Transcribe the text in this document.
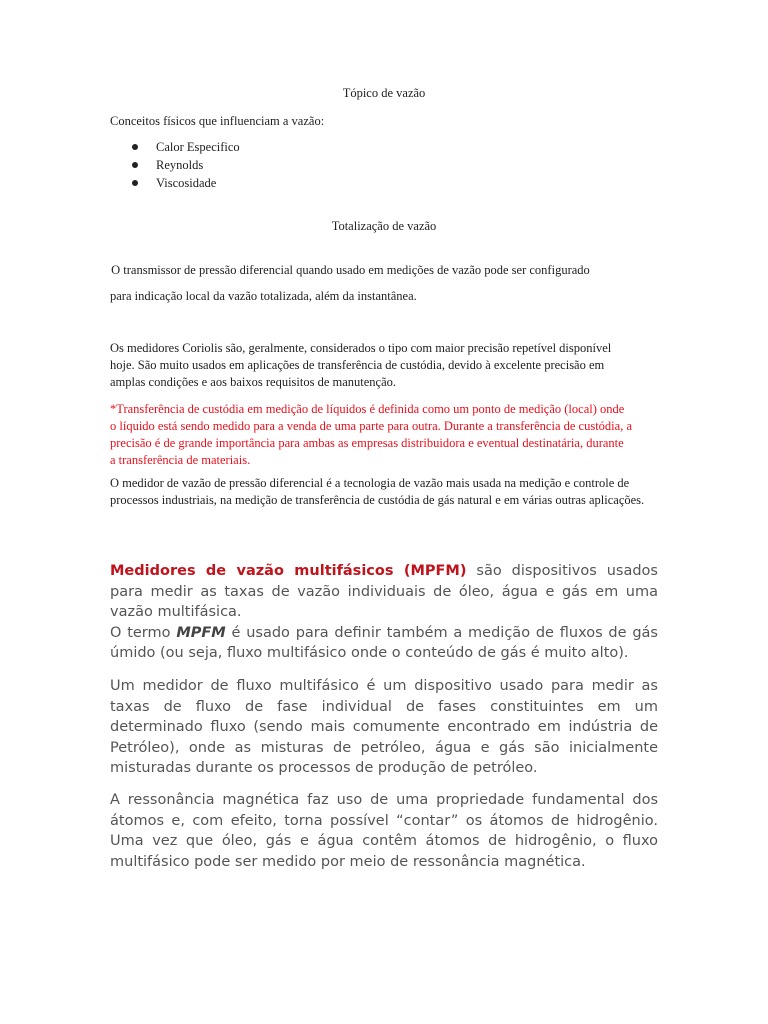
Tópico de vazão
Conceitos físicos que influenciam a vazão:
Calor Especifico
Reynolds
Viscosidade
Totalização de vazão
O transmissor de pressão diferencial quando usado em medições de vazão pode ser configurado
para indicação local da vazão totalizada, além da instantânea.
Os medidores Coriolis são, geralmente, considerados o tipo com maior precisão repetível disponível hoje. São muito usados em aplicações de transferência de custódia, devido à excelente precisão em amplas condições e aos baixos requisitos de manutenção.
*Transferência de custódia em medição de líquidos é definida como um ponto de medição (local) onde o líquido está sendo medido para a venda de uma parte para outra. Durante a transferência de custódia, a precisão é de grande importância para ambas as empresas distribuidora e eventual destinatária, durante a transferência de materiais.
O medidor de vazão de pressão diferencial é a tecnologia de vazão mais usada na medição e controle de processos industriais, na medição de transferência de custódia de gás natural e em várias outras aplicações.
Medidores de vazão multifásicos (MPFM) são dispositivos usados para medir as taxas de vazão individuais de óleo, água e gás em uma vazão multifásica.
O termo MPFM é usado para definir também a medição de fluxos de gás úmido (ou seja, fluxo multifásico onde o conteúdo de gás é muito alto).
Um medidor de fluxo multifásico é um dispositivo usado para medir as taxas de fluxo de fase individual de fases constituintes em um determinado fluxo (sendo mais comumente encontrado em indústria de Petróleo), onde as misturas de petróleo, água e gás são inicialmente misturadas durante os processos de produção de petróleo.
A ressonância magnética faz uso de uma propriedade fundamental dos átomos e, com efeito, torna possível “contar” os átomos de hidrogênio. Uma vez que óleo, gás e água contêm átomos de hidrogênio, o fluxo multifásico pode ser medido por meio de ressonância magnética.
